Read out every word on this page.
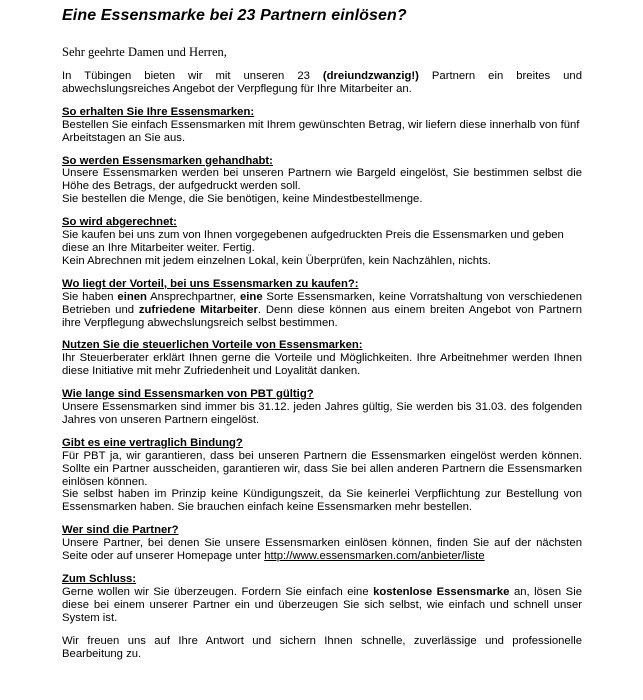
Eine Essensmarke bei 23 Partnern einlösen?
Sehr geehrte Damen und Herren,

In Tübingen bieten wir mit unseren 23 (dreiundzwanzig!) Partnern ein breites und abwechslungsreiches Angebot der Verpflegung für Ihre Mitarbeiter an.

So erhalten Sie Ihre Essensmarken:

Bestellen Sie einfach Essensmarken mit Ihrem gewünschten Betrag, wir liefern diese innerhalb von fünf Arbeitstagen an Sie aus.

So werden Essensmarken gehandhabt:

Unsere Essensmarken werden bei unseren Partnern wie Bargeld eingelöst, Sie bestimmen selbst die Höhe des Betrags, der aufgedruckt werden soll.

Sie bestellen die Menge, die Sie benötigen, keine Mindestbestellmenge.

So wird abgerechnet:

Sie kaufen bei uns zum von Ihnen vorgegebenen aufgedruckten Preis die Essensmarken und geben diese an Ihre Mitarbeiter weiter. Fertig.

Kein Abrechnen mit jedem einzelnen Lokal, kein Überprüfen, kein Nachzählen, nichts.

Wo liegt der Vorteil, bei uns Essensmarken zu kaufen?:

Sie haben einen Ansprechpartner, eine Sorte Essensmarken, keine Vorratshaltung von verschiedenen Betrieben und zufriedene Mitarbeiter. Denn diese können aus einem breiten Angebot von Partnern ihre Verpflegung abwechslungsreich selbst bestimmen.

Nutzen Sie die steuerlichen Vorteile von Essensmarken:

Ihr Steuerberater erklärt Ihnen gerne die Vorteile und Möglichkeiten. Ihre Arbeitnehmer werden Ihnen diese Initiative mit mehr Zufriedenheit und Loyalität danken.

Wie lange sind Essensmarken von PBT gültig?

Unsere Essensmarken sind immer bis 31.12. jeden Jahres gültig, Sie werden bis 31.03. des folgenden Jahres von unseren Partnern eingelöst.

Gibt es eine vertraglich Bindung?

Für PBT ja, wir garantieren, dass bei unseren Partnern die Essensmarken eingelöst werden können. Sollte ein Partner ausscheiden, garantieren wir, dass Sie bei allen anderen Partnern die Essensmarken einlösen können.

Sie selbst haben im Prinzip keine Kündigungszeit, da Sie keinerlei Verpflichtung zur Bestellung von Essensmarken haben. Sie brauchen einfach keine Essensmarken mehr bestellen.

Wer sind die Partner?

Unsere Partner, bei denen Sie unsere Essensmarken einlösen können, finden Sie auf der nächsten Seite oder auf unserer Homepage unter http://www.essensmarken.com/anbieter/liste

Zum Schluss:

Gerne wollen wir Sie überzeugen. Fordern Sie einfach eine kostenlose Essensmarke an, lösen Sie diese bei einem unserer Partner ein und überzeugen Sie sich selbst, wie einfach und schnell unser System ist.

Wir freuen uns auf Ihre Antwort und sichern Ihnen schnelle, zuverlässige und professionelle Bearbeitung zu.
